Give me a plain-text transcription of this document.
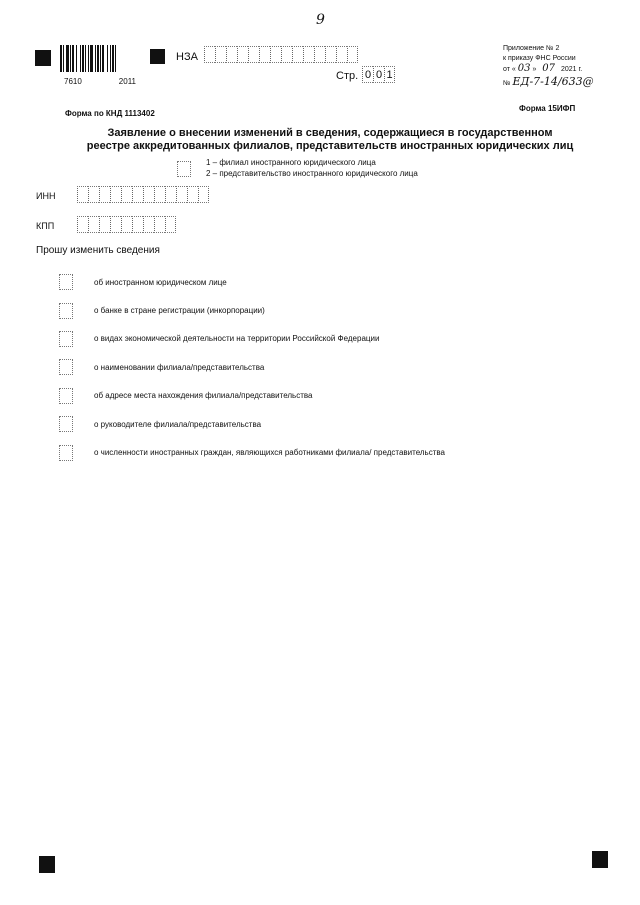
9
7610	2011
НЗА
Стр. 0 0 1
Приложение № 2
к приказу ФНС России
от « 03 » 07 2021 г.
№ ЕД-7-14/633@
Форма по КНД 1113402
Форма 15ИФП
Заявление о внесении изменений в сведения, содержащиеся в государственном
реестре аккредитованных филиалов, представительств иностранных юридических лиц
1 – филиал иностранного юридического лица
2 – представительство иностранного юридического лица
ИНН
КПП
Прошу изменить сведения
об иностранном юридическом лице
о банке в стране регистрации (инкорпорации)
о видах экономической деятельности на территории Российской Федерации
о наименовании филиала/представительства
об адресе места нахождения филиала/представительства
о руководителе филиала/представительства
о численности иностранных граждан, являющихся работниками филиала/ представительства
